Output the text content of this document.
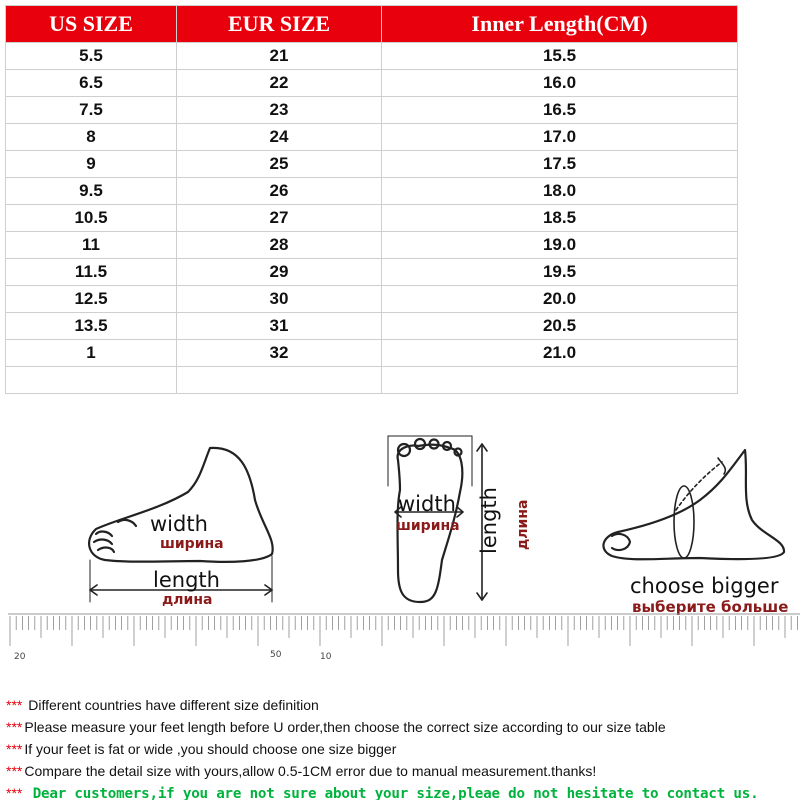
US SIZE	EUR SIZE	Inner Length(CM)
5.5	21	15.5
6.5	22	16.0
7.5	23	16.5
8	24	17.0
9	25	17.5
9.5	26	18.0
10.5	27	18.5
11	28	19.0
11.5	29	19.5
12.5	30	20.0
13.5	31	20.5
1	32	21.0

width
ширина
length
длина
width
ширина length длина
choose bigger
выберите больше
20	50	10
*** Different countries have different size definition
*** Please measure your feet length before U order,then choose the correct size according to our size table
*** If your feet is fat or wide ,you should choose one size bigger
*** Compare the detail size with yours,allow 0.5-1CM error due to manual measurement.thanks!
*** Dear customers,if you are not sure about your size,pleae do not hesitate to contact us.
